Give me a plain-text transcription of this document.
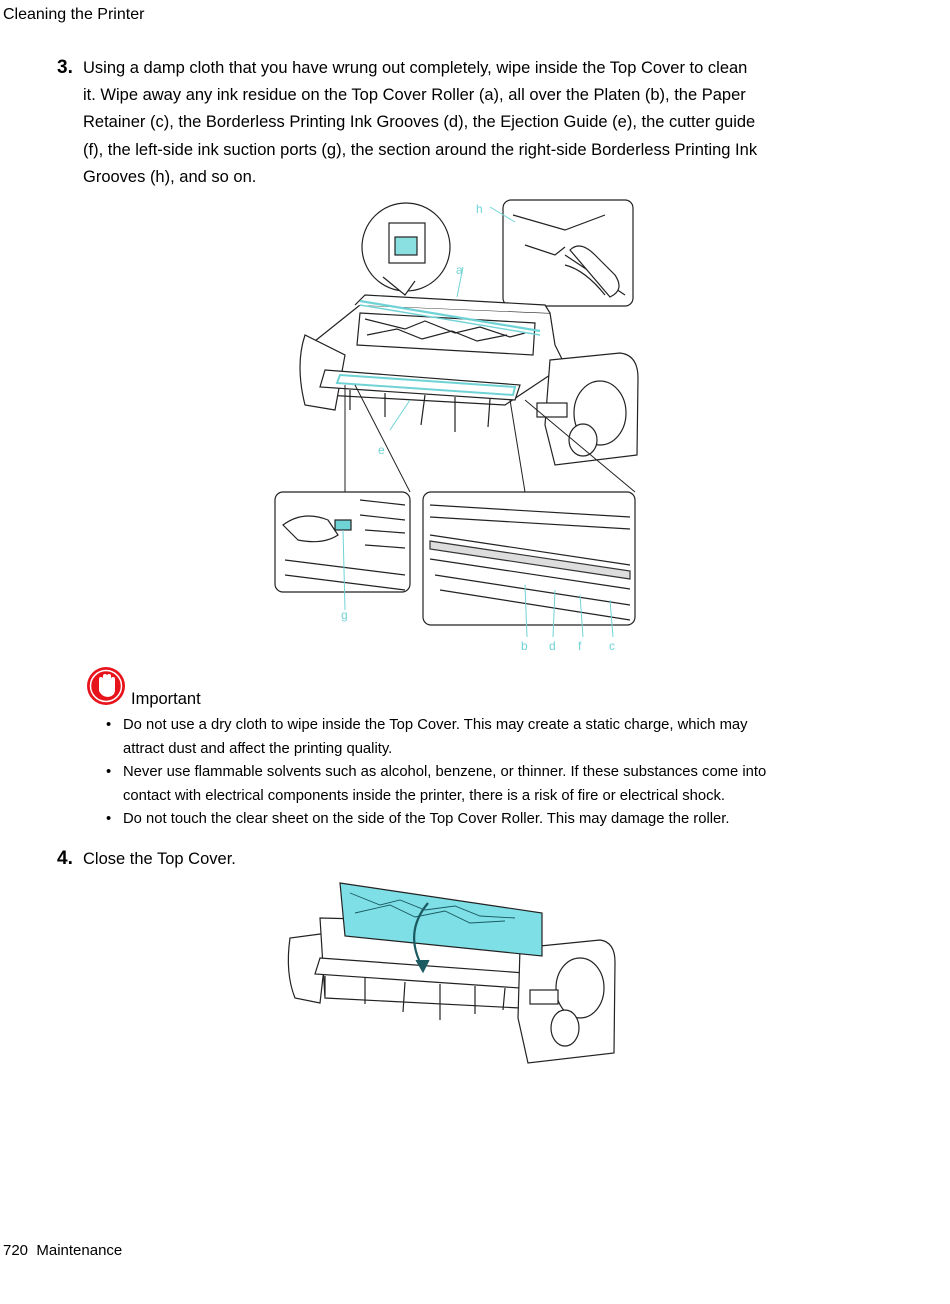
Cleaning the Printer
3. Using a damp cloth that you have wrung out completely, wipe inside the Top Cover to clean
it. Wipe away any ink residue on the Top Cover Roller (a), all over the Platen (b), the Paper
Retainer (c), the Borderless Printing Ink Grooves (d), the Ejection Guide (e), the cutter guide
(f), the left-side ink suction ports (g), the section around the right-side Borderless Printing Ink
Grooves (h), and so on.
a
b	c
d
e
f
g
h
Important
• Do not use a dry cloth to wipe inside the Top Cover. This may create a static charge, which may
attract dust and affect the printing quality.
• Never use flammable solvents such as alcohol, benzene, or thinner. If these substances come into
contact with electrical components inside the printer, there is a risk of fire or electrical shock.
• Do not touch the clear sheet on the side of the Top Cover Roller. This may damage the roller.
4. Close the Top Cover.
720 Maintenance
